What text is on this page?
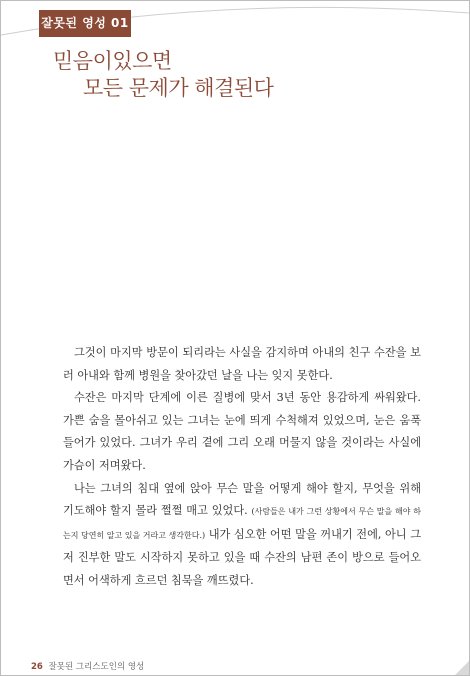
잘못된 영성 01
믿음이있으면
모든 문제가 해결된다

그것이 마지막 방문이 되리라는 사실을 감지하며 아내의 친구 수잔을 보러 아내와 함께 병원을 찾아갔던 날을 나는 잊지 못한다.

수잔은 마지막 단계에 이른 질병에 맞서 3년 동안 용감하게 싸워왔다. 가쁜 숨을 몰아쉬고 있는 그녀는 눈에 띄게 수척해져 있었으며, 눈은 움푹 들어가 있었다. 그녀가 우리 곁에 그리 오래 머물지 않을 것이라는 사실에 가슴이 저며왔다.

나는 그녀의 침대 옆에 앉아 무슨 말을 어떻게 해야 할지, 무엇을 위해 기도해야 할지 몰라 쩔쩔 매고 있었다. (사람들은 내가 그런 상황에서 무슨 말을 해야 하는지 당연히 알고 있을 거라고 생각한다.) 내가 심오한 어떤 말을 꺼내기 전에, 아니 그저 진부한 말도 시작하지 못하고 있을 때 수잔의 남편 존이 방으로 들어오면서 어색하게 흐르던 침묵을 깨뜨렸다.

26 잘못된 그리스도인의 영성
